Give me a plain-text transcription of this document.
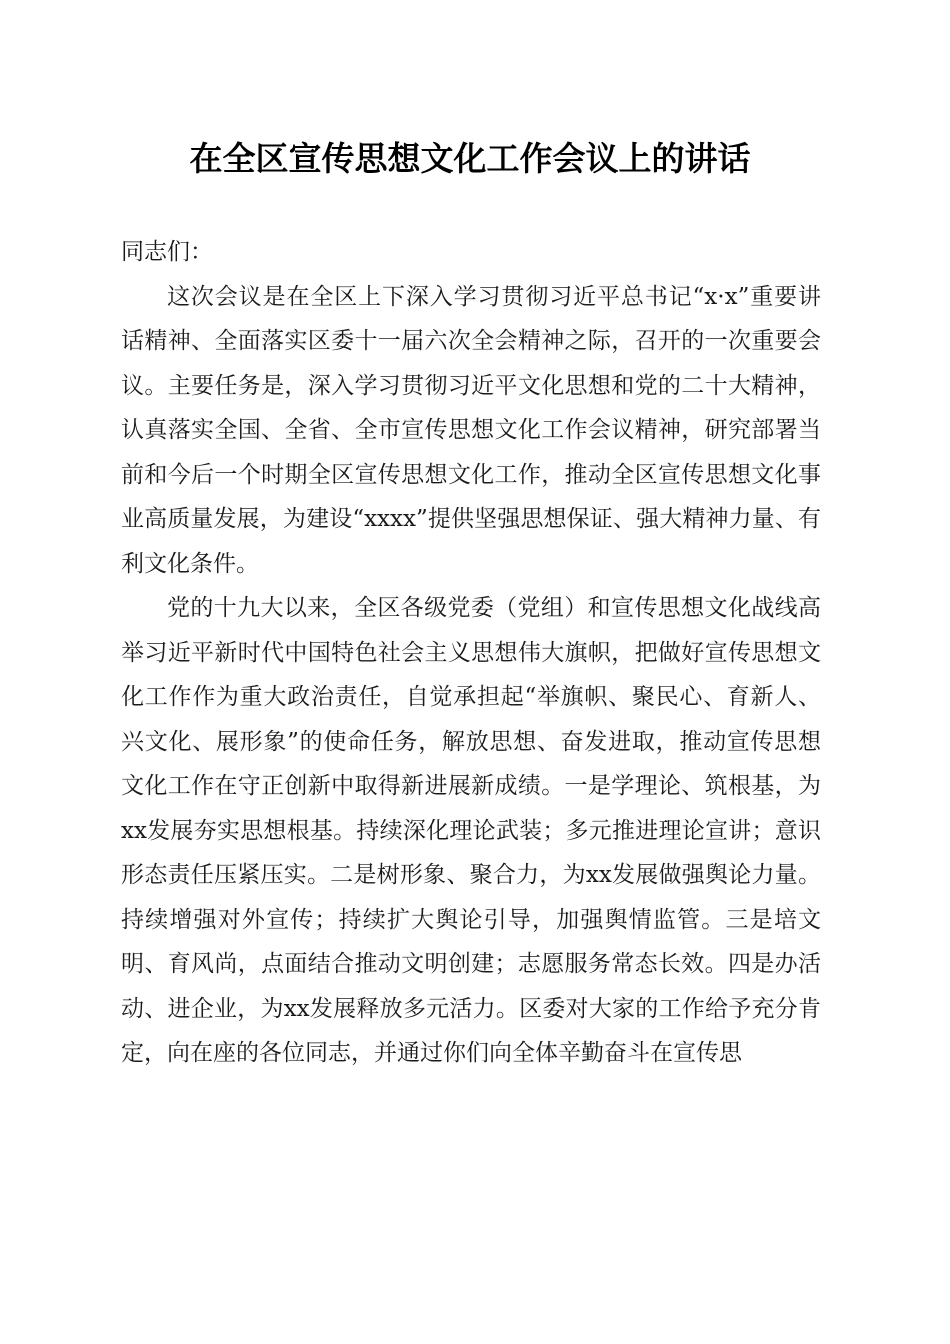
在全区宣传思想文化工作会议上的讲话

同志们：

这次会议是在全区上下深入学习贯彻习近平总书记“x·x”重要讲话精神、全面落实区委十一届六次全会精神之际，召开的一次重要会议。主要任务是，深入学习贯彻习近平文化思想和党的二十大精神，认真落实全国、全省、全市宣传思想文化工作会议精神，研究部署当前和今后一个时期全区宣传思想文化工作，推动全区宣传思想文化事业高质量发展，为建设“xxxx”提供坚强思想保证、强大精神力量、有利文化条件。

党的十九大以来，全区各级党委（党组）和宣传思想文化战线高举习近平新时代中国特色社会主义思想伟大旗帜，把做好宣传思想文化工作作为重大政治责任，自觉承担起“举旗帜、聚民心、育新人、兴文化、展形象”的使命任务，解放思想、奋发进取，推动宣传思想文化工作在守正创新中取得新进展新成绩。一是学理论、筑根基，为xx发展夯实思想根基。持续深化理论武装；多元推进理论宣讲；意识形态责任压紧压实。二是树形象、聚合力，为xx发展做强舆论力量。持续增强对外宣传；持续扩大舆论引导，加强舆情监管。三是培文明、育风尚，点面结合推动文明创建；志愿服务常态长效。四是办活动、进企业，为xx发展释放多元活力。区委对大家的工作给予充分肯定，向在座的各位同志，并通过你们向全体辛勤奋斗在宣传思
